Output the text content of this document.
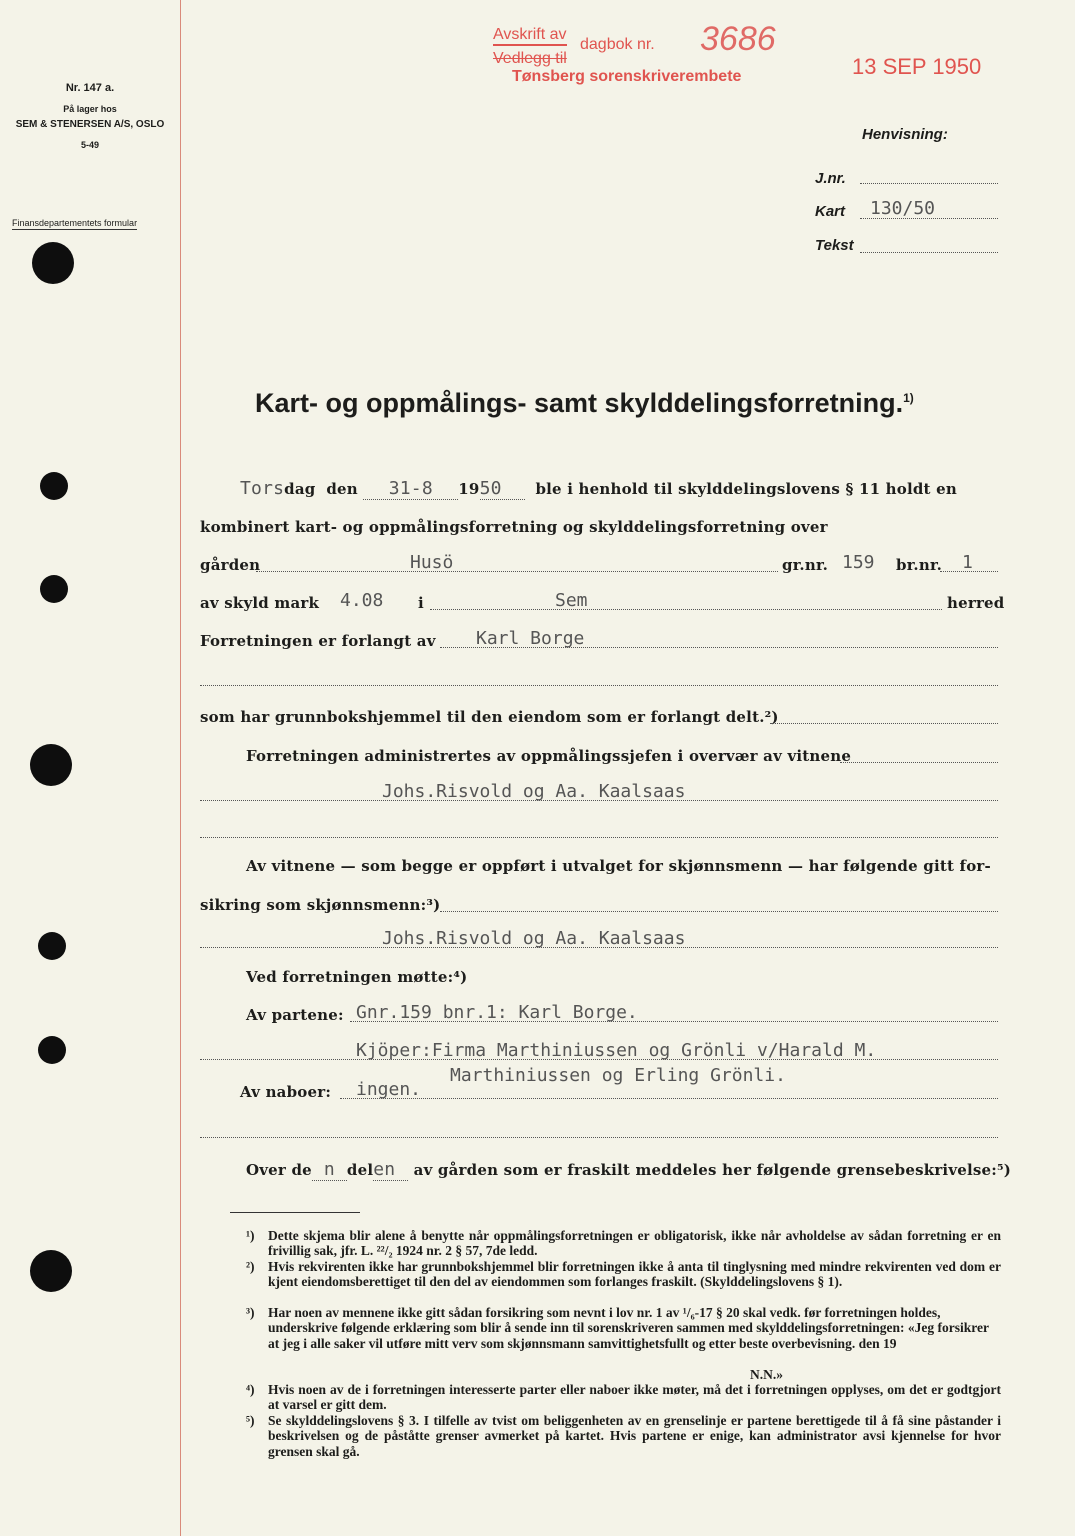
Nr. 147 a.
På lager hos
SEM & STENERSEN A/S, OSLO
5-49
Finansdepartementets formular
Avskrift av
Vedlegg til
dagbok nr. 3686
Tønsberg sorenskriverembete	13 SEP 1950
Henvisning:
J.nr.
Kart 130/50
Tekst
Kart- og oppmålings- samt skylddelingsforretning.$^{1)}$
Torsdag den 31-8 1950 ble i henhold til skylddelingslovens § 11 holdt en
kombinert kart- og oppmålingsforretning og skylddelingsforretning over
gården	Husö	gr.nr. 159 br.nr. 1
av skyld mark 4.08 i	Sem	herred
Forretningen er forlangt av Karl Borge
som har grunnbokshjemmel til den eiendom som er forlangt delt.²)
Forretningen administrertes av oppmålingssjefen i overvær av vitnene
Johs.Risvold og Aa. Kaalsaas
Av vitnene — som begge er oppført i utvalget for skjønnsmenn — har følgende gitt for-
sikring som skjønnsmenn:³)
Johs.Risvold og Aa. Kaalsaas
Ved forretningen møtte:⁴)
Av partene: Gnr.159 bnr.1: Karl Borge.
Kjöper:Firma Marthiniussen og Grönli v/Harald M.
Marthiniussen og Erling Grönli.
Av naboer: ingen.
Over de n delen av gården som er fraskilt meddeles her følgende grensebeskrivelse:⁵)
¹) Dette skjema blir alene å benytte når oppmålingsforretningen er obligatorisk, ikke når avholdelse av sådan forretning er en frivillig sak, jfr. L. ²²/₂ 1924 nr. 2 § 57, 7de ledd.
²) Hvis rekvirenten ikke har grunnbokshjemmel blir forretningen ikke å anta til tinglysning med mindre rekvirenten ved dom er kjent eiendomsberettiget til den del av eiendommen som forlanges fraskilt. (Skylddelingslovens § 1).
³) Har noen av mennene ikke gitt sådan forsikring som nevnt i lov nr. 1 av ¹/₆-17 § 20 skal vedk. før forretningen holdes, underskrive følgende erklæring som blir å sende inn til sorenskriveren sammen med skylddelingsforretningen: «Jeg forsikrer at jeg i alle saker vil utføre mitt verv som skjønnsmann samvittighetsfullt og etter beste overbevisning. den 19
N.N.»
⁴) Hvis noen av de i forretningen interesserte parter eller naboer ikke møter, må det i forretningen opplyses, om det er godtgjort at varsel er gitt dem.
⁵) Se skylddelingslovens § 3. I tilfelle av tvist om beliggenheten av en grenselinje er partene berettigede til å få sine påstander i beskrivelsen og de påståtte grenser avmerket på kartet. Hvis partene er enige, kan administrator avsi kjennelse for hvor grensen skal gå.
